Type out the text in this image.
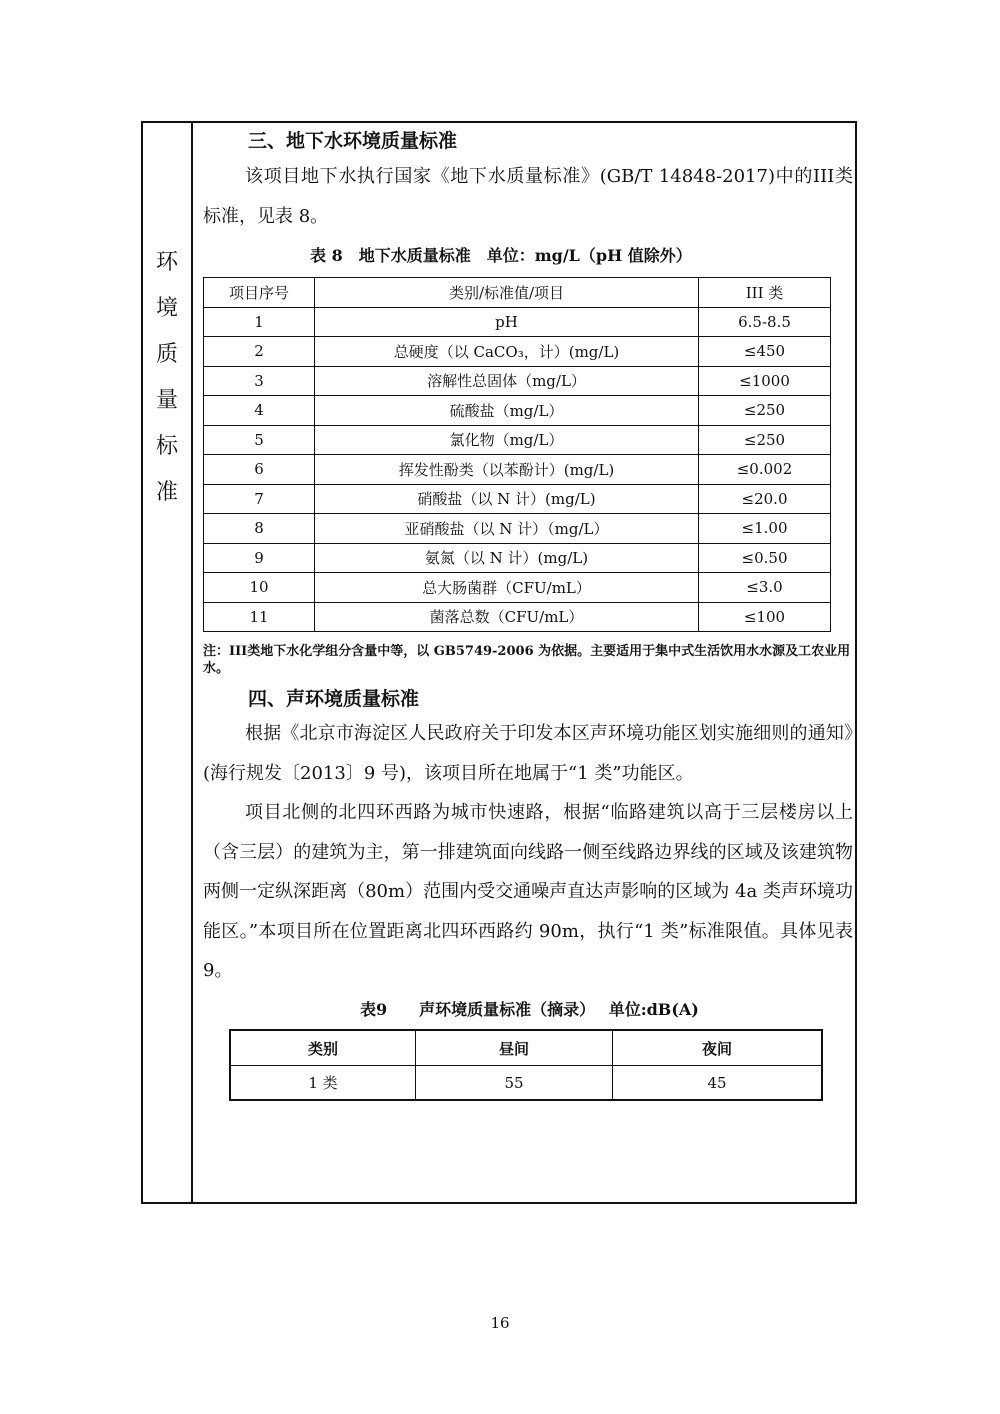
环
境
质
量
标
准
三、地下水环境质量标准
该项目地下水执行国家《地下水质量标准》(GB/T 14848-2017)中的III类标准，见表 8。
表 8　地下水质量标准　单位：mg/L（pH 值除外）
项目序号	类别/标准值/项目	III 类
1	pH	6.5-8.5
2	总硬度（以 CaCO₃，计）(mg/L)	≤450
3	溶解性总固体（mg/L）	≤1000
4	硫酸盐（mg/L）	≤250
5	氯化物（mg/L）	≤250
6	挥发性酚类（以苯酚计）(mg/L)	≤0.002
7	硝酸盐（以 N 计）(mg/L)	≤20.0
8	亚硝酸盐（以 N 计）（mg/L）	≤1.00
9	氨氮（以 N 计）(mg/L)	≤0.50
10	总大肠菌群（CFU/mL）	≤3.0
11	菌落总数（CFU/mL）	≤100
注：III类地下水化学组分含量中等，以 GB5749-2006 为依据。主要适用于集中式生活饮用水水源及工农业用水。
四、声环境质量标准
根据《北京市海淀区人民政府关于印发本区声环境功能区划实施细则的通知》(海行规发〔2013〕9 号)，该项目所在地属于“1 类”功能区。
项目北侧的北四环西路为城市快速路，根据“临路建筑以高于三层楼房以上（含三层）的建筑为主，第一排建筑面向线路一侧至线路边界线的区域及该建筑物两侧一定纵深距离（80m）范围内受交通噪声直达声影响的区域为 4a 类声环境功能区。”本项目所在位置距离北四环西路约 90m，执行“1 类”标准限值。具体见表 9。
表9　　声环境质量标准（摘录）　 单位:dB(A)
类别	昼间	夜间
1 类	55	45
16
